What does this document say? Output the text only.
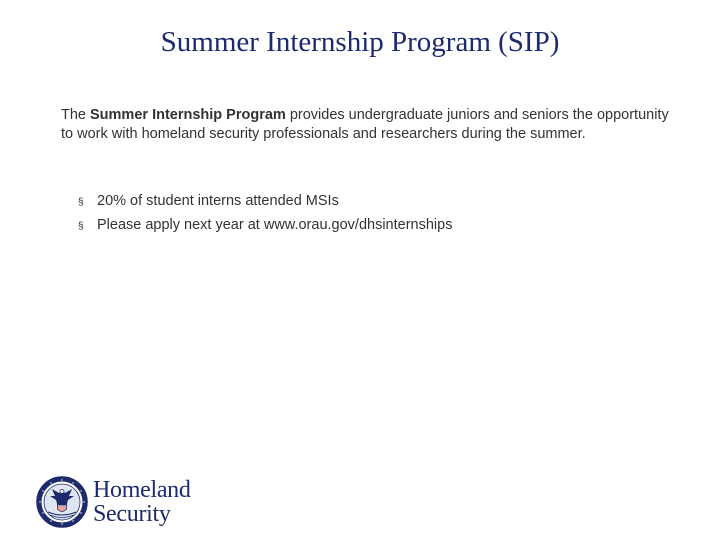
Summer Internship Program (SIP)
The Summer Internship Program provides undergraduate juniors and seniors the opportunity to work with homeland security professionals and researchers during the summer.
§ 20% of student interns attended MSIs
§ Please apply next year at www.orau.gov/dhsinternships
Homeland
Security
